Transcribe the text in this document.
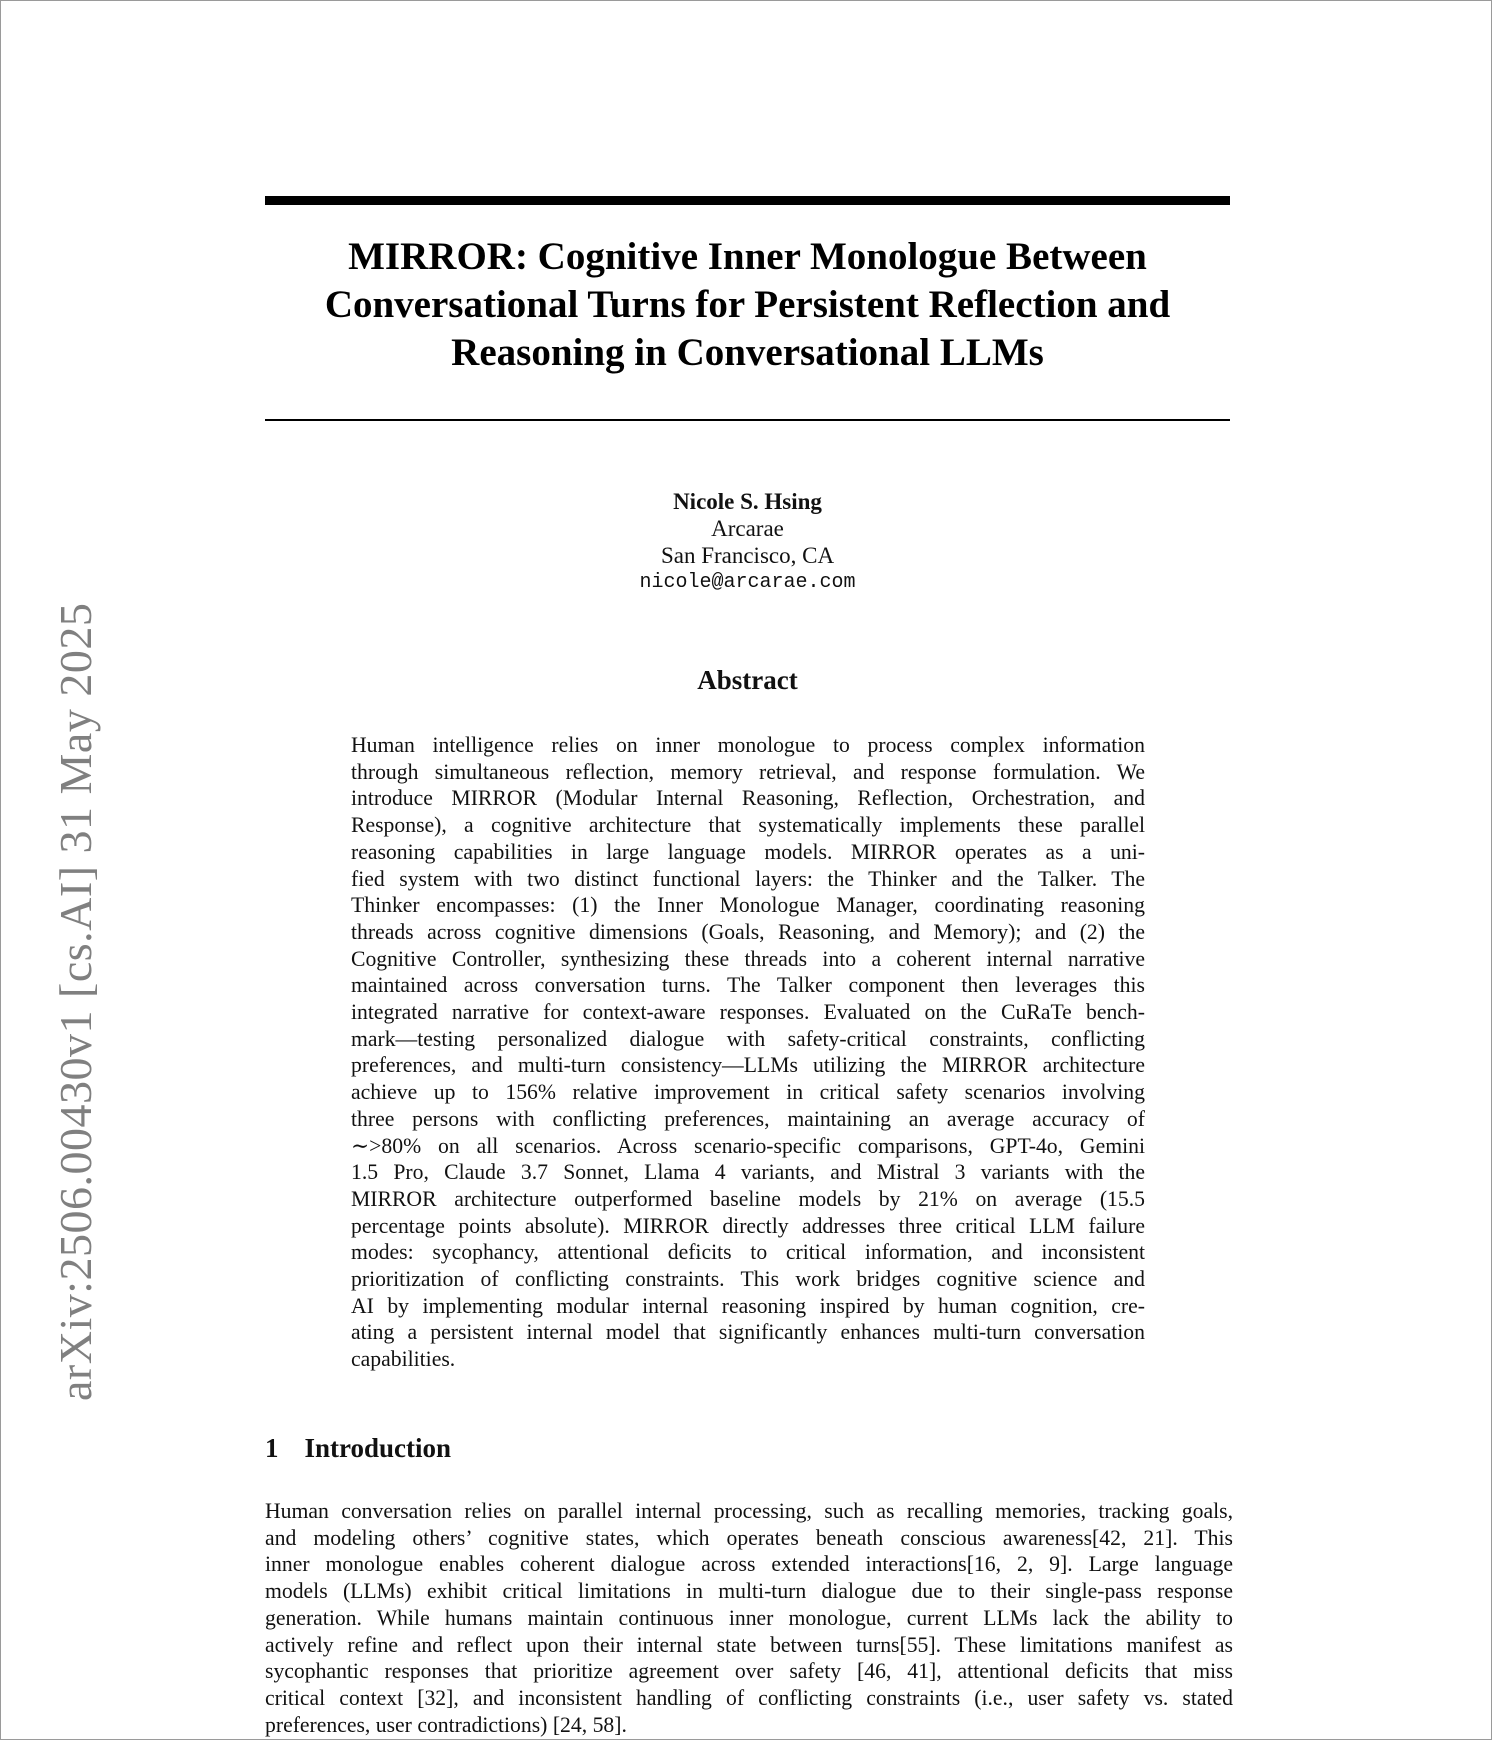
arXiv:2506.00430v1 [cs.AI] 31 May 2025
MIRROR: Cognitive Inner Monologue Between
Conversational Turns for Persistent Reflection and
Reasoning in Conversational LLMs
Nicole S. Hsing
Arcarae
San Francisco, CA
nicole@arcarae.com
Abstract
Human intelligence relies on inner monologue to process complex information
through simultaneous reflection, memory retrieval, and response formulation. We
introduce MIRROR (Modular Internal Reasoning, Reflection, Orchestration, and
Response), a cognitive architecture that systematically implements these parallel
reasoning capabilities in large language models. MIRROR operates as a uni-
fied system with two distinct functional layers: the Thinker and the Talker. The
Thinker encompasses: (1) the Inner Monologue Manager, coordinating reasoning
threads across cognitive dimensions (Goals, Reasoning, and Memory); and (2) the
Cognitive Controller, synthesizing these threads into a coherent internal narrative
maintained across conversation turns. The Talker component then leverages this
integrated narrative for context-aware responses. Evaluated on the CuRaTe bench-
mark—testing personalized dialogue with safety-critical constraints, conflicting
preferences, and multi-turn consistency—LLMs utilizing the MIRROR architecture
achieve up to 156% relative improvement in critical safety scenarios involving
three persons with conflicting preferences, maintaining an average accuracy of
∼>80% on all scenarios. Across scenario-specific comparisons, GPT-4o, Gemini
1.5 Pro, Claude 3.7 Sonnet, Llama 4 variants, and Mistral 3 variants with the
MIRROR architecture outperformed baseline models by 21% on average (15.5
percentage points absolute). MIRROR directly addresses three critical LLM failure
modes: sycophancy, attentional deficits to critical information, and inconsistent
prioritization of conflicting constraints. This work bridges cognitive science and
AI by implementing modular internal reasoning inspired by human cognition, cre-
ating a persistent internal model that significantly enhances multi-turn conversation
capabilities.
1 Introduction
Human conversation relies on parallel internal processing, such as recalling memories, tracking goals,
and modeling others’ cognitive states, which operates beneath conscious awareness[42, 21]. This
inner monologue enables coherent dialogue across extended interactions[16, 2, 9]. Large language
models (LLMs) exhibit critical limitations in multi-turn dialogue due to their single-pass response
generation. While humans maintain continuous inner monologue, current LLMs lack the ability to
actively refine and reflect upon their internal state between turns[55]. These limitations manifest as
sycophantic responses that prioritize agreement over safety [46, 41], attentional deficits that miss
critical context [32], and inconsistent handling of conflicting constraints (i.e., user safety vs. stated
preferences, user contradictions) [24, 58].
